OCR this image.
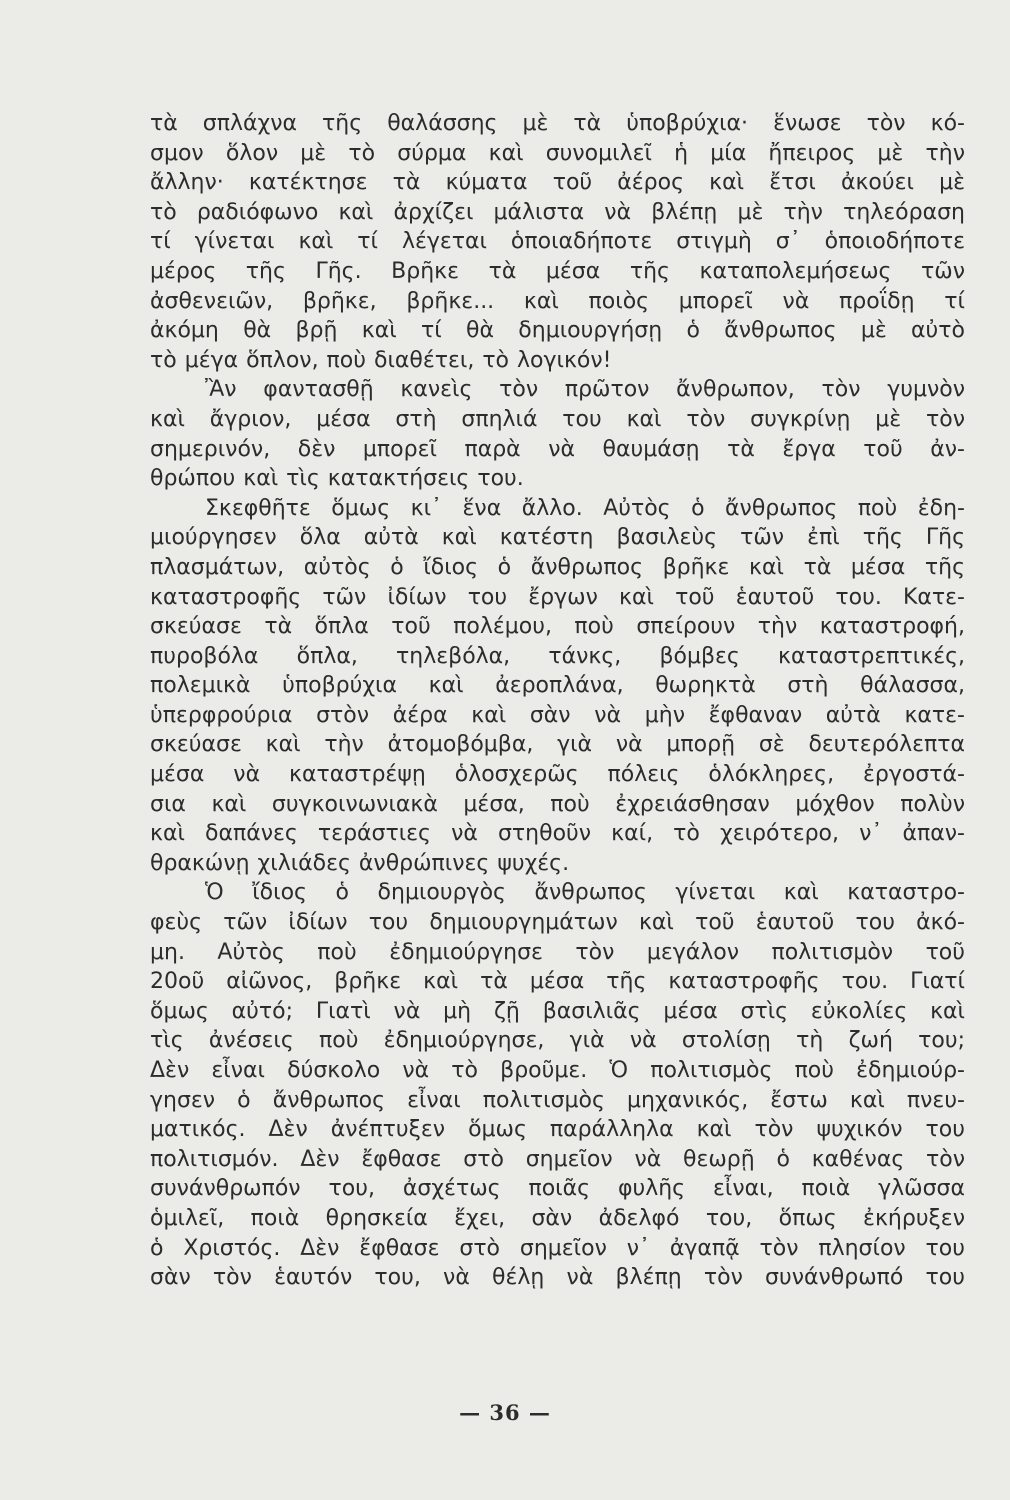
τὰ σπλάχνα τῆς θαλάσσης μὲ τὰ ὑποβρύχια· ἕνωσε τὸν κό-
σμον ὅλον μὲ τὸ σύρμα καὶ συνομιλεῖ ἡ μία ἤπειρος μὲ τὴν
ἄλλην· κατέκτησε τὰ κύματα τοῦ ἀέρος καὶ ἔτσι ἀκούει μὲ
τὸ ραδιόφωνο καὶ ἀρχίζει μάλιστα νὰ βλέπῃ μὲ τὴν τηλεόραση
τί γίνεται καὶ τί λέγεται ὁποιαδήποτε στιγμὴ σ᾽ ὁποιοδήποτε
μέρος τῆς Γῆς. Βρῆκε τὰ μέσα τῆς καταπολεμήσεως τῶν
ἀσθενειῶν, βρῆκε, βρῆκε... καὶ ποιὸς μπορεῖ νὰ προΐδῃ τί
ἀκόμη θὰ βρῇ καὶ τί θὰ δημιουργήσῃ ὁ ἄνθρωπος μὲ αὐτὸ
τὸ μέγα ὅπλον, ποὺ διαθέτει, τὸ λογικόν!
Ἂν φαντασθῇ κανεὶς τὸν πρῶτον ἄνθρωπον, τὸν γυμνὸν
καὶ ἄγριον, μέσα στὴ σπηλιά του καὶ τὸν συγκρίνῃ μὲ τὸν
σημερινόν, δὲν μπορεῖ παρὰ νὰ θαυμάσῃ τὰ ἔργα τοῦ ἀν-
θρώπου καὶ τὶς κατακτήσεις του.
Σκεφθῆτε ὅμως κι᾽ ἕνα ἄλλο. Αὐτὸς ὁ ἄνθρωπος ποὺ ἐδη-
μιούργησεν ὅλα αὐτὰ καὶ κατέστη βασιλεὺς τῶν ἐπὶ τῆς Γῆς
πλασμάτων, αὐτὸς ὁ ἴδιος ὁ ἄνθρωπος βρῆκε καὶ τὰ μέσα τῆς
καταστροφῆς τῶν ἰδίων του ἔργων καὶ τοῦ ἑαυτοῦ του. Κατε-
σκεύασε τὰ ὅπλα τοῦ πολέμου, ποὺ σπείρουν τὴν καταστροφή,
πυροβόλα ὅπλα, τηλεβόλα, τάνκς, βόμβες καταστρεπτικές,
πολεμικὰ ὑποβρύχια καὶ ἀεροπλάνα, θωρηκτὰ στὴ θάλασσα,
ὑπερφρούρια στὸν ἀέρα καὶ σὰν νὰ μὴν ἔφθαναν αὐτὰ κατε-
σκεύασε καὶ τὴν ἀτομοβόμβα, γιὰ νὰ μπορῇ σὲ δευτερόλεπτα
μέσα νὰ καταστρέψῃ ὁλοσχερῶς πόλεις ὁλόκληρες, ἐργοστά-
σια καὶ συγκοινωνιακὰ μέσα, ποὺ ἐχρειάσθησαν μόχθον πολὺν
καὶ δαπάνες τεράστιες νὰ στηθοῦν καί, τὸ χειρότερο, ν᾽ ἀπαν-
θρακώνῃ χιλιάδες ἀνθρώπινες ψυχές.
Ὁ ἴδιος ὁ δημιουργὸς ἄνθρωπος γίνεται καὶ καταστρο-
φεὺς τῶν ἰδίων του δημιουργημάτων καὶ τοῦ ἑαυτοῦ του ἀκό-
μη. Αὐτὸς ποὺ ἐδημιούργησε τὸν μεγάλον πολιτισμὸν τοῦ
20οῦ αἰῶνος, βρῆκε καὶ τὰ μέσα τῆς καταστροφῆς του. Γιατί
ὅμως αὐτό; Γιατὶ νὰ μὴ ζῇ βασιλιᾶς μέσα στὶς εὐκολίες καὶ
τὶς ἀνέσεις ποὺ ἐδημιούργησε, γιὰ νὰ στολίσῃ τὴ ζωή του;
Δὲν εἶναι δύσκολο νὰ τὸ βροῦμε. Ὁ πολιτισμὸς ποὺ ἐδημιούρ-
γησεν ὁ ἄνθρωπος εἶναι πολιτισμὸς μηχανικός, ἔστω καὶ πνευ-
ματικός. Δὲν ἀνέπτυξεν ὅμως παράλληλα καὶ τὸν ψυχικόν του
πολιτισμόν. Δὲν ἔφθασε στὸ σημεῖον νὰ θεωρῇ ὁ καθένας τὸν
συνάνθρωπόν του, ἀσχέτως ποιᾶς φυλῆς εἶναι, ποιὰ γλῶσσα
ὁμιλεῖ, ποιὰ θρησκεία ἔχει, σὰν ἀδελφό του, ὅπως ἐκήρυξεν
ὁ Χριστός. Δὲν ἔφθασε στὸ σημεῖον ν᾽ ἀγαπᾷ τὸν πλησίον του
σὰν τὸν ἑαυτόν του, νὰ θέλῃ νὰ βλέπῃ τὸν συνάνθρωπό του
— 36 —
